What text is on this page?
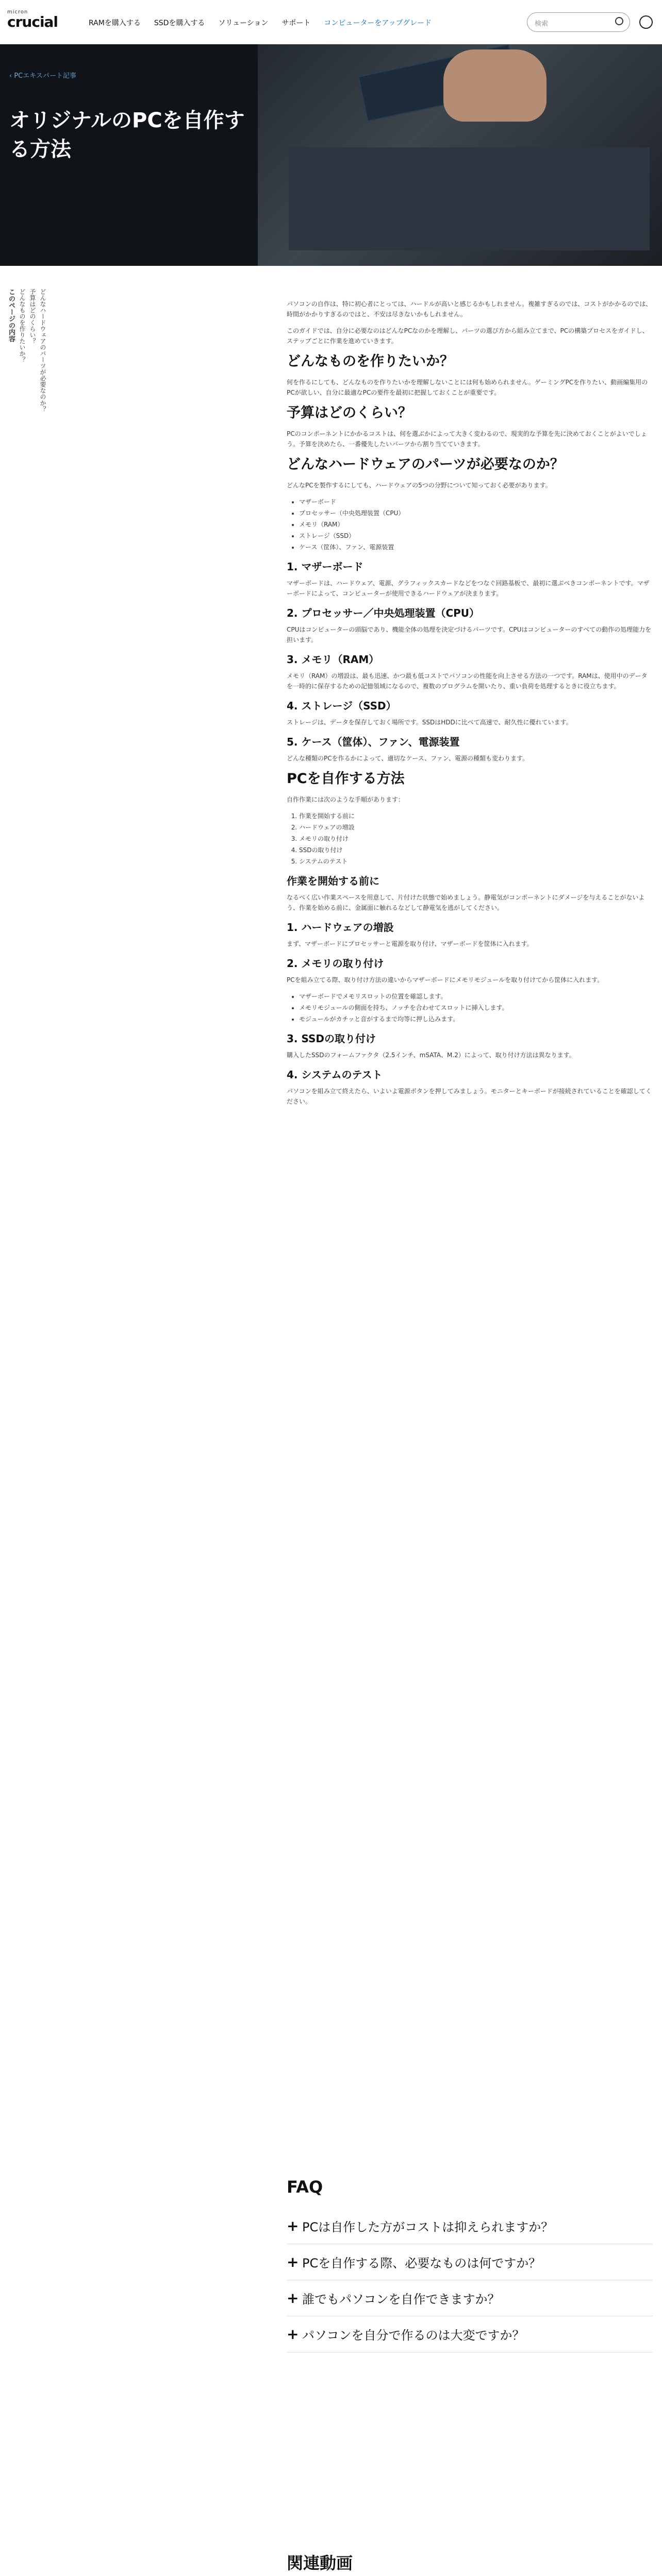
micron
crucial	RAMを購入する SSDを購入する ソリューション サポート コンピューターをアップグレード	検索
‹ PCエキスパート記事
オリジナルのPCを自作する方法
このページの内容 どんなものを作りたいか？ 予算はどのくらい？ どんなハードウェアのパーツが必要なのか？	パソコンの自作は、特に初心者にとっては、ハードルが高いと感じるかもしれません。複雑すぎるのでは、コストがかかるのでは、時間がかかりすぎるのではと、不安は尽きないかもしれません。

このガイドでは、自分に必要なのはどんなPCなのかを理解し、パーツの選び方から組み立てまで、PCの構築プロセスをガイドし、ステップごとに作業を進めていきます。

どんなものを作りたいか？

何を作るにしても、どんなものを作りたいかを理解しないことには何も始められません。ゲーミングPCを作りたい、動画編集用のPCが欲しい、自分に最適なPCの要件を最初に把握しておくことが重要です。

予算はどのくらい？

PCのコンポーネントにかかるコストは、何を選ぶかによって大きく変わるので、現実的な予算を先に決めておくことがよいでしょう。予算を決めたら、一番優先したいパーツから割り当てていきます。

どんなハードウェアのパーツが必要なのか？

どんなPCを製作するにしても、ハードウェアの5つの分野について知っておく必要があります。

• マザーボード
• プロセッサー（中央処理装置（CPU）
• メモリ（RAM）
• ストレージ（SSD）
• ケース（筐体）、ファン、電源装置
1. マザーボード

マザーボードは、ハードウェア、電源、グラフィックスカードなどをつなぐ回路基板で、最初に選ぶべきコンポーネントです。マザーボードによって、コンピューターが使用できるハードウェアが決まります。

2. プロセッサー／中央処理装置（CPU）

CPUはコンピューターの頭脳であり、機能全体の処理を決定づけるパーツです。CPUはコンピューターのすべての動作の処理能力を担います。

3. メモリ（RAM）

メモリ（RAM）の増設は、最も迅速、かつ最も低コストでパソコンの性能を向上させる方法の一つです。RAMは、使用中のデータを一時的に保存するための記憶領域になるので、複数のプログラムを開いたり、重い負荷を処理するときに役立ちます。

4. ストレージ（SSD）

ストレージは、データを保存しておく場所です。SSDはHDDに比べて高速で、耐久性に優れています。

5. ケース（筐体）、ファン、電源装置

どんな種類のPCを作るかによって、適切なケース、ファン、電源の種類も変わります。

PCを自作する方法

自作作業には次のような手順があります：

1. 作業を開始する前に
2. ハードウェアの増設
3. メモリの取り付け
4. SSDの取り付け
5. システムのテスト
作業を開始する前に

なるべく広い作業スペースを用意して、片付けた状態で始めましょう。静電気がコンポーネントにダメージを与えることがないよう、作業を始める前に、金属面に触れるなどして静電気を逃がしてください。

1. ハードウェアの増設

まず、マザーボードにプロセッサーと電源を取り付け、マザーボードを筐体に入れます。

2. メモリの取り付け

PCを組み立てる際、取り付け方法の違いからマザーボードにメモリモジュールを取り付けてから筐体に入れます。

• マザーボードでメモリスロットの位置を確認します。
• メモリモジュールの側面を持ち、ノッチを合わせてスロットに挿入します。
• モジュールがカチッと音がするまで均等に押し込みます。
3. SSDの取り付け

購入したSSDのフォームファクタ（2.5インチ、mSATA、M.2）によって、取り付け方法は異なります。

4. システムのテスト

パソコンを組み立て終えたら、いよいよ電源ボタンを押してみましょう。モニターとキーボードが接続されていることを確認してください。

FAQ
+ PCは自作した方がコストは抑えられますか？
+ PCを自作する際、必要なものは何ですか？
+ 誰でもパソコンを自作できますか？
+ パソコンを自分で作るのは大変ですか？
関連動画
